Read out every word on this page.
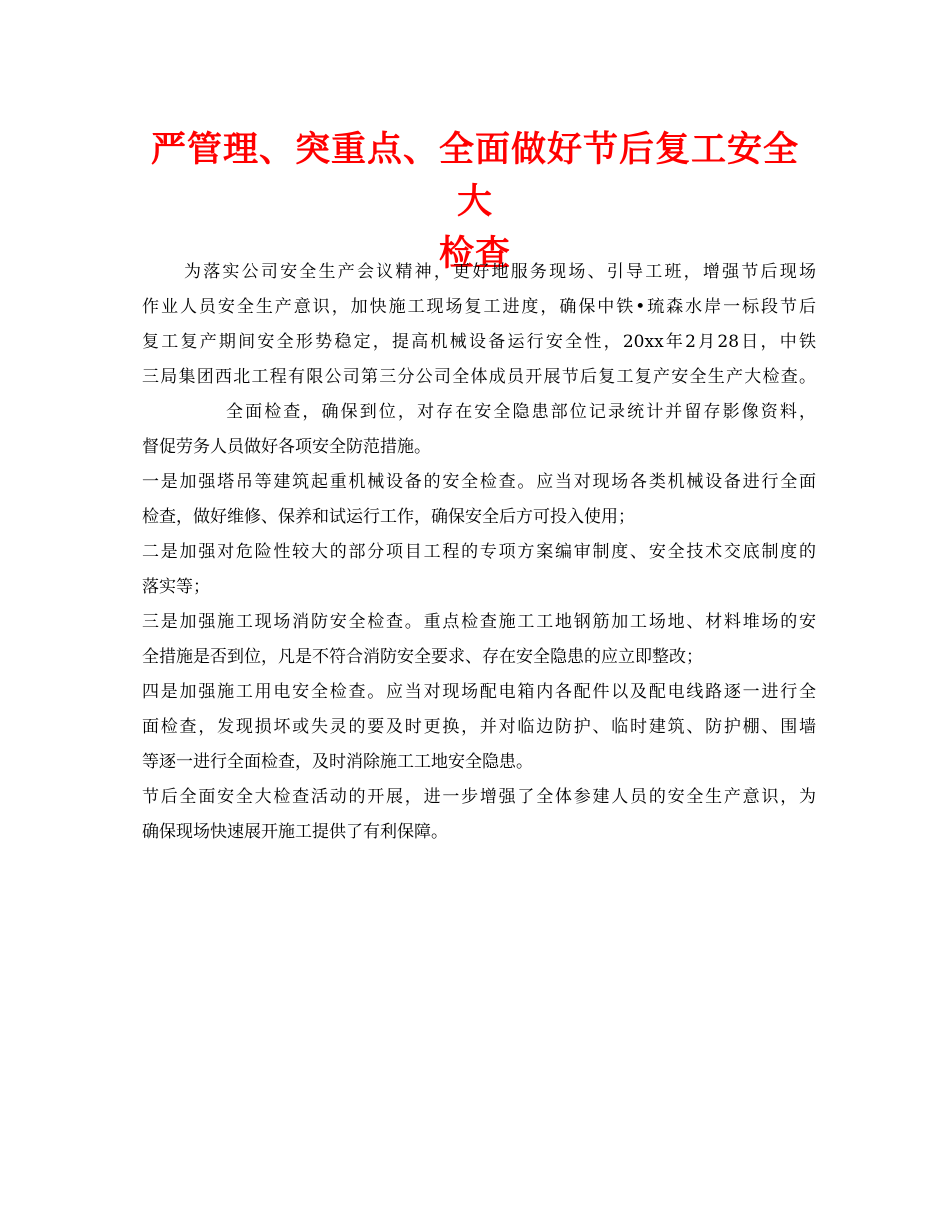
严管理、突重点、全面做好节后复工安全大
检查
为落实公司安全生产会议精神，更好地服务现场、引导工班，增强节后现场
作业人员安全生产意识，加快施工现场复工进度，确保中铁•琉森水岸一标段节后
复工复产期间安全形势稳定，提高机械设备运行安全性，20xx年2月28日，中铁
三局集团西北工程有限公司第三分公司全体成员开展节后复工复产安全生产大检查。
全面检查，确保到位，对存在安全隐患部位记录统计并留存影像资料，
督促劳务人员做好各项安全防范措施。
一是加强塔吊等建筑起重机械设备的安全检查。应当对现场各类机械设备进行全面
检查，做好维修、保养和试运行工作，确保安全后方可投入使用；
二是加强对危险性较大的部分项目工程的专项方案编审制度、安全技术交底制度的
落实等；
三是加强施工现场消防安全检查。重点检查施工工地钢筋加工场地、材料堆场的安
全措施是否到位，凡是不符合消防安全要求、存在安全隐患的应立即整改；
四是加强施工用电安全检查。应当对现场配电箱内各配件以及配电线路逐一进行全
面检查，发现损坏或失灵的要及时更换，并对临边防护、临时建筑、防护棚、围墙
等逐一进行全面检查，及时消除施工工地安全隐患。
节后全面安全大检查活动的开展，进一步增强了全体参建人员的安全生产意识，为
确保现场快速展开施工提供了有利保障。
